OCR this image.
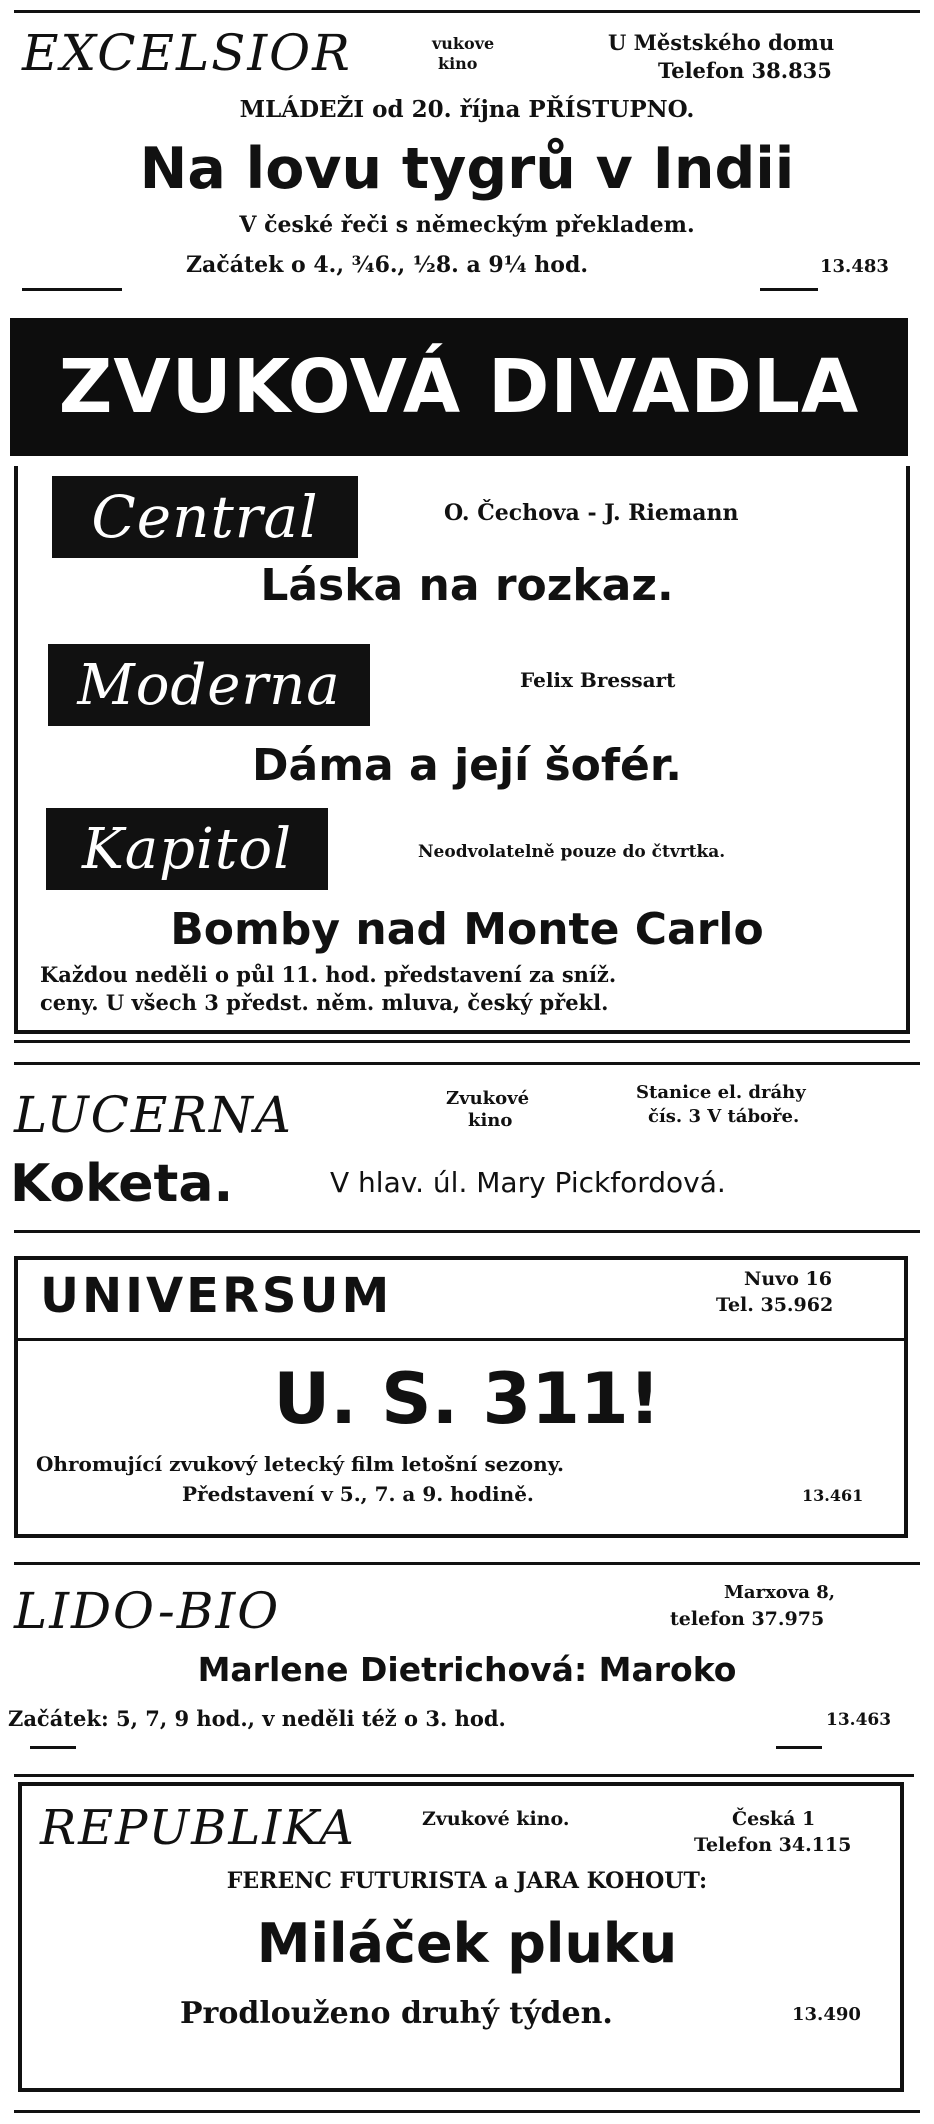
EXCELSIOR	vukove
kino
U Městského domu
Telefon 38.835
MLÁDEŽI od 20. října PŘÍSTUPNO.
Na lovu tygrů v Indii
V české řeči s německým překladem.
Začátek o 4., ¾6., ½8. a 9¼ hod.	13.483
ZVUKOVÁ DIVADLA
Central	O. Čechova - J. Riemann
Láska na rozkaz.
Moderna	Felix Bressart
Dáma a její šofér.
Kapitol	Neodvolatelně pouze do čtvrtka.
Bomby nad Monte Carlo
Každou neděli o půl 11. hod. představení za sníž.
ceny. U všech 3 předst. něm. mluva, český překl.
LUCERNA	Zvukové
kino
Stanice el. dráhy
čís. 3 V táboře.
Koketa.	V hlav. úl. Mary Pickfordová.
UNIVERSUM	Nuvo 16
Tel. 35.962
U. S. 311!
Ohromující zvukový letecký film letošní sezony.
Představení v 5., 7. a 9. hodině.	13.461
LIDO-BIO	Marxova 8,
telefon 37.975
Marlene Dietrichová: Maroko
Začátek: 5, 7, 9 hod., v neděli též o 3. hod.	13.463
REPUBLIKA	Zvukové kino.	Česká 1
Telefon 34.115
FERENC FUTURISTA a JARA KOHOUT:
Miláček pluku
Prodlouženo druhý týden.	13.490
